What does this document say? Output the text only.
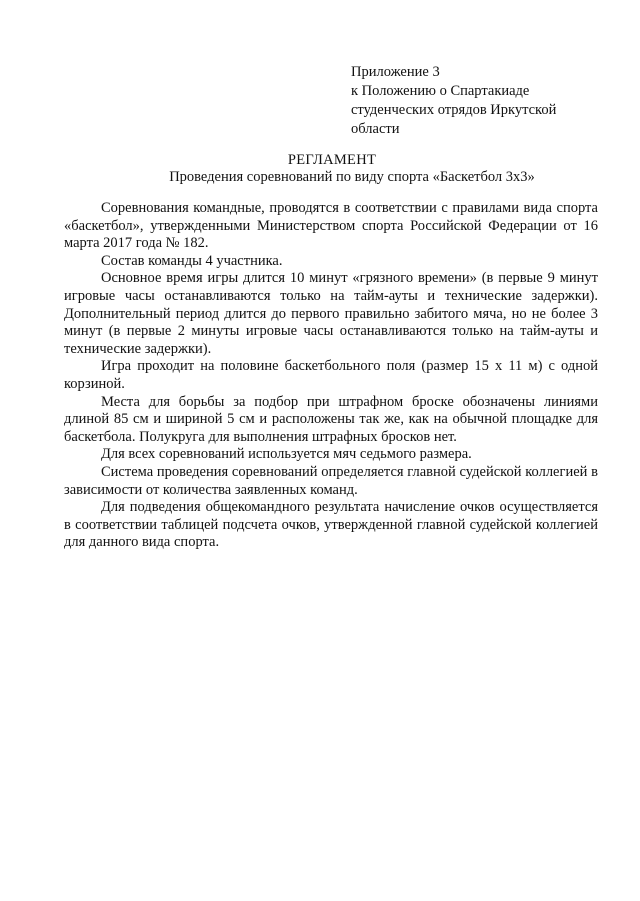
Приложение 3
к Положению о Спартакиаде
студенческих отрядов Иркутской
области
РЕГЛАМЕНТ
Проведения соревнований по виду спорта «Баскетбол 3х3»

Соревнования командные, проводятся в соответствии с правилами вида спорта «баскетбол», утвержденными Министерством спорта Российской Федерации от 16 марта 2017 года № 182.

Состав команды 4 участника.

Основное время игры длится 10 минут «грязного времени» (в первые 9 минут игровые часы останавливаются только на тайм-ауты и технические задержки). Дополнительный период длится до первого правильно забитого мяча, но не более 3 минут (в первые 2 минуты игровые часы останавливаются только на тайм-ауты и технические задержки).

Игра проходит на половине баскетбольного поля (размер 15 х 11 м) с одной корзиной.

Места для борьбы за подбор при штрафном броске обозначены линиями длиной 85 см и шириной 5 см и расположены так же, как на обычной площадке для баскетбола. Полукруга для выполнения штрафных бросков нет.

Для всех соревнований используется мяч седьмого размера.

Система проведения соревнований определяется главной судейской коллегией в зависимости от количества заявленных команд.

Для подведения общекомандного результата начисление очков осуществляется в соответствии таблицей подсчета очков, утвержденной главной судейской коллегией для данного вида спорта.
